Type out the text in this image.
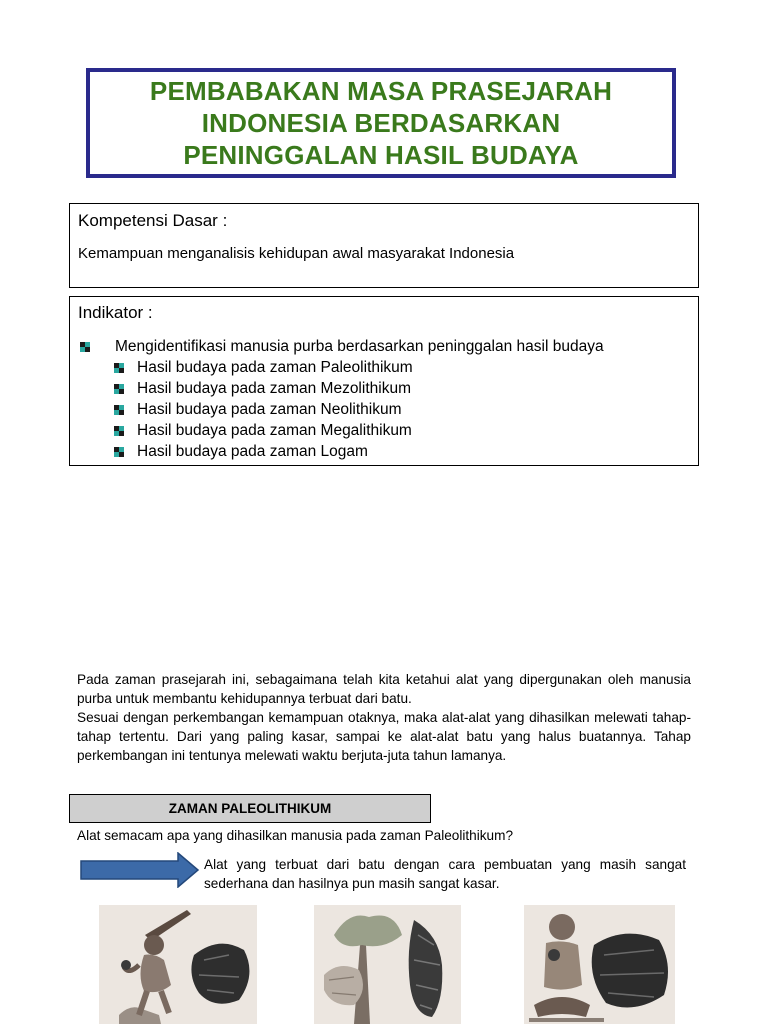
PEMBABAKAN MASA PRASEJARAH
INDONESIA BERDASARKAN
PENINGGALAN HASIL BUDAYA
Kompetensi Dasar :
Kemampuan menganalisis kehidupan awal masyarakat Indonesia
Indikator :
Mengidentifikasi manusia purba berdasarkan peninggalan hasil budaya
Hasil budaya pada zaman Paleolithikum
Hasil budaya pada zaman Mezolithikum
Hasil budaya pada zaman Neolithikum
Hasil budaya pada zaman Megalithikum
Hasil budaya pada zaman Logam
Pada zaman prasejarah ini, sebagaimana telah kita ketahui alat yang dipergunakan oleh manusia purba untuk membantu kehidupannya terbuat dari batu.
Sesuai dengan perkembangan kemampuan otaknya, maka alat-alat yang dihasilkan melewati tahap-tahap tertentu. Dari yang paling kasar, sampai ke alat-alat batu yang halus buatannya. Tahap perkembangan ini tentunya melewati waktu berjuta-juta tahun lamanya.
ZAMAN PALEOLITHIKUM
Alat semacam apa yang dihasilkan manusia pada zaman Paleolithikum?
Alat yang terbuat dari batu dengan cara pembuatan yang masih sangat sederhana dan hasilnya pun masih sangat kasar.
